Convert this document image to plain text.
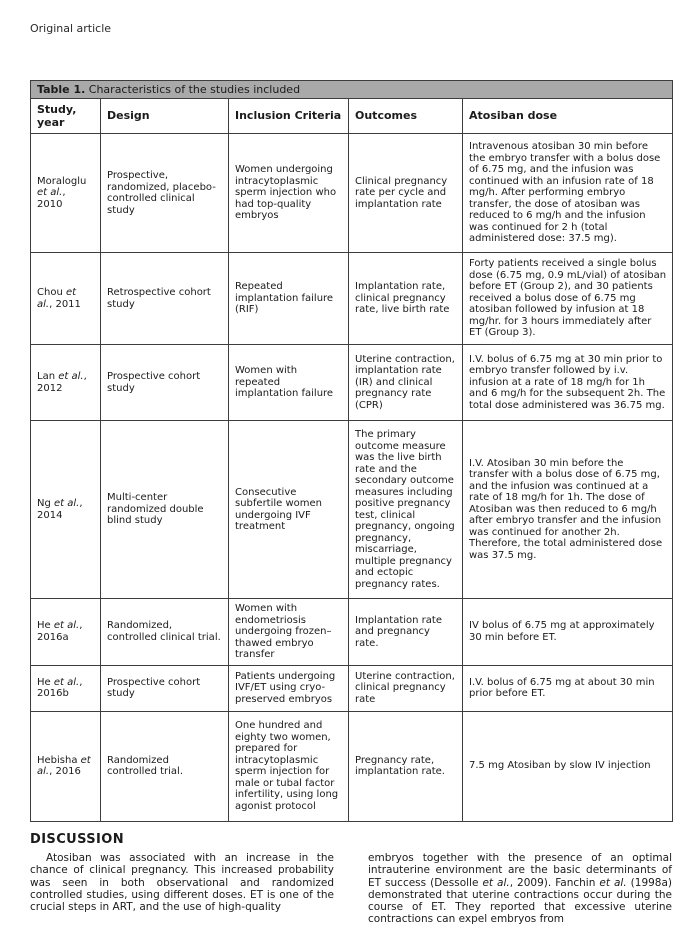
Original article
Table 1. Characteristics of the studies included				
Study, year	Design	Inclusion Criteria	Outcomes	Atosiban dose
Moraloglu et al., 2010	Prospective, randomized, placebo-controlled clinical study	Women undergoing intracytoplasmic sperm injection who had top-quality embryos	Clinical pregnancy rate per cycle and implantation rate	Intravenous atosiban 30 min before the embryo transfer with a bolus dose of 6.75 mg, and the infusion was continued with an infusion rate of 18 mg/h. After performing embryo transfer, the dose of atosiban was reduced to 6 mg/h and the infusion was continued for 2 h (total administered dose: 37.5 mg).
Chou et al., 2011	Retrospective cohort study	Repeated implantation failure (RIF)	Implantation rate, clinical pregnancy rate, live birth rate	Forty patients received a single bolus dose (6.75 mg, 0.9 mL/vial) of atosiban before ET (Group 2), and 30 patients received a bolus dose of 6.75 mg atosiban followed by infusion at 18 mg/hr. for 3 hours immediately after ET (Group 3).
Lan et al., 2012	Prospective cohort study	Women with repeated implantation failure	Uterine contraction, implantation rate (IR) and clinical pregnancy rate (CPR)	I.V. bolus of 6.75 mg at 30 min prior to embryo transfer followed by i.v. infusion at a rate of 18 mg/h for 1h and 6 mg/h for the subsequent 2h. The total dose administered was 36.75 mg.
Ng et al., 2014	Multi-center randomized double blind study	Consecutive subfertile women undergoing IVF treatment	The primary outcome measure was the live birth rate and the secondary outcome measures including positive pregnancy test, clinical pregnancy, ongoing pregnancy, miscarriage, multiple pregnancy and ectopic pregnancy rates.	I.V. Atosiban 30 min before the transfer with a bolus dose of 6.75 mg, and the infusion was continued at a rate of 18 mg/h for 1h. The dose of Atosiban was then reduced to 6 mg/h after embryo transfer and the infusion was continued for another 2h. Therefore, the total administered dose was 37.5 mg.
He et al., 2016a	Randomized, controlled clinical trial.	Women with endometriosis undergoing frozen–thawed embryo transfer	Implantation rate and pregnancy rate.	IV bolus of 6.75 mg at approximately 30 min before ET.
He et al., 2016b	Prospective cohort study	Patients undergoing IVF/ET using cryo-preserved embryos	Uterine contraction, clinical pregnancy rate	I.V. bolus of 6.75 mg at about 30 min prior before ET.
Hebisha et al., 2016	Randomized controlled trial.	One hundred and eighty two women, prepared for intracytoplasmic sperm injection for male or tubal factor infertility, using long agonist protocol	Pregnancy rate, implantation rate.	7.5 mg Atosiban by slow IV injection
DISCUSSION

Atosiban was associated with an increase in the chance of clinical pregnancy. This increased probability was seen in both observational and randomized controlled studies, using different doses. ET is one of the crucial steps in ART, and the use of high-quality

embryos together with the presence of an optimal intrauterine environment are the basic determinants of ET success (Dessolle et al., 2009). Fanchin et al. (1998a) demonstrated that uterine contractions occur during the course of ET. They reported that excessive uterine contractions can expel embryos from
